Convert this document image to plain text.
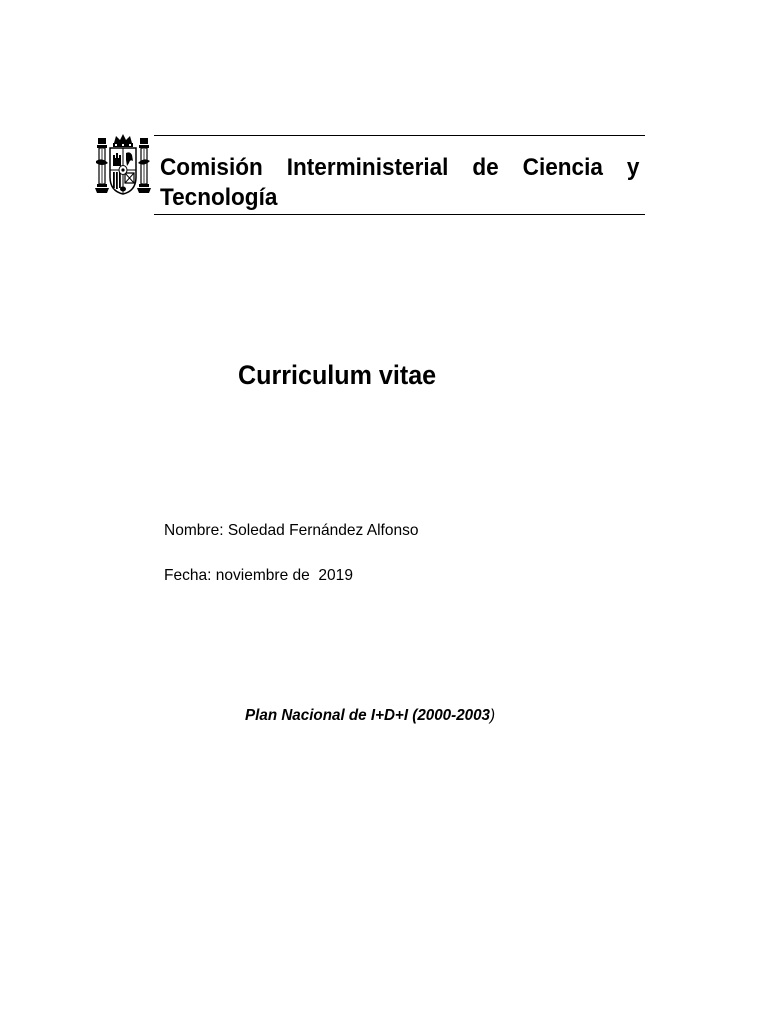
Comisión Interministerial de Ciencia y Tecnología
Curriculum vitae

Nombre: Soledad Fernández Alfonso

Fecha: noviembre de  2019

Plan Nacional de I+D+I (2000-2003)
